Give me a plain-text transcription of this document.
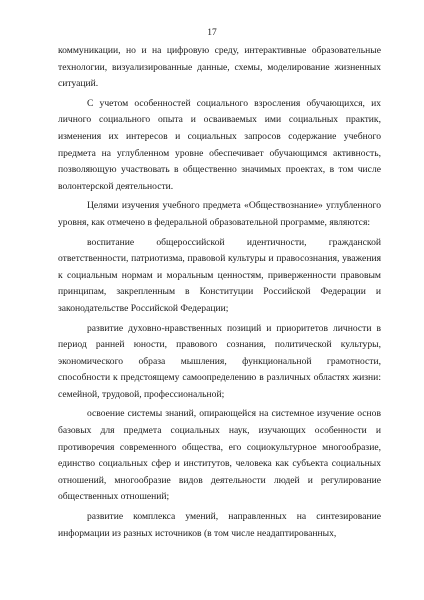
17

коммуникации, но и на цифровую среду, интерактивные образовательные технологии, визуализированные данные, схемы, моделирование жизненных ситуаций.

С учетом особенностей социального взросления обучающихся, их личного социального опыта и осваиваемых ими социальных практик, изменения их интересов и социальных запросов содержание учебного предмета на углубленном уровне обеспечивает обучающимся активность, позволяющую участвовать в общественно значимых проектах, в том числе волонтерской деятельности.

Целями изучения учебного предмета «Обществознание» углубленного уровня, как отмечено в федеральной образовательной программе, являются:

воспитание общероссийской идентичности, гражданской ответственности, патриотизма, правовой культуры и правосознания, уважения к социальным нормам и моральным ценностям, приверженности правовым принципам, закрепленным в Конституции Российской Федерации и законодательстве Российской Федерации;

развитие духовно-нравственных позиций и приоритетов личности в период ранней юности, правового сознания, политической культуры, экономического образа мышления, функциональной грамотности, способности к предстоящему самоопределению в различных областях жизни: семейной, трудовой, профессиональной;

освоение системы знаний, опирающейся на системное изучение основ базовых для предмета социальных наук, изучающих особенности и противоречия современного общества, его социокультурное многообразие, единство социальных сфер и институтов, человека как субъекта социальных отношений, многообразие видов деятельности людей и регулирование общественных отношений;

развитие комплекса умений, направленных на синтезирование информации из разных источников (в том числе неадаптированных,
